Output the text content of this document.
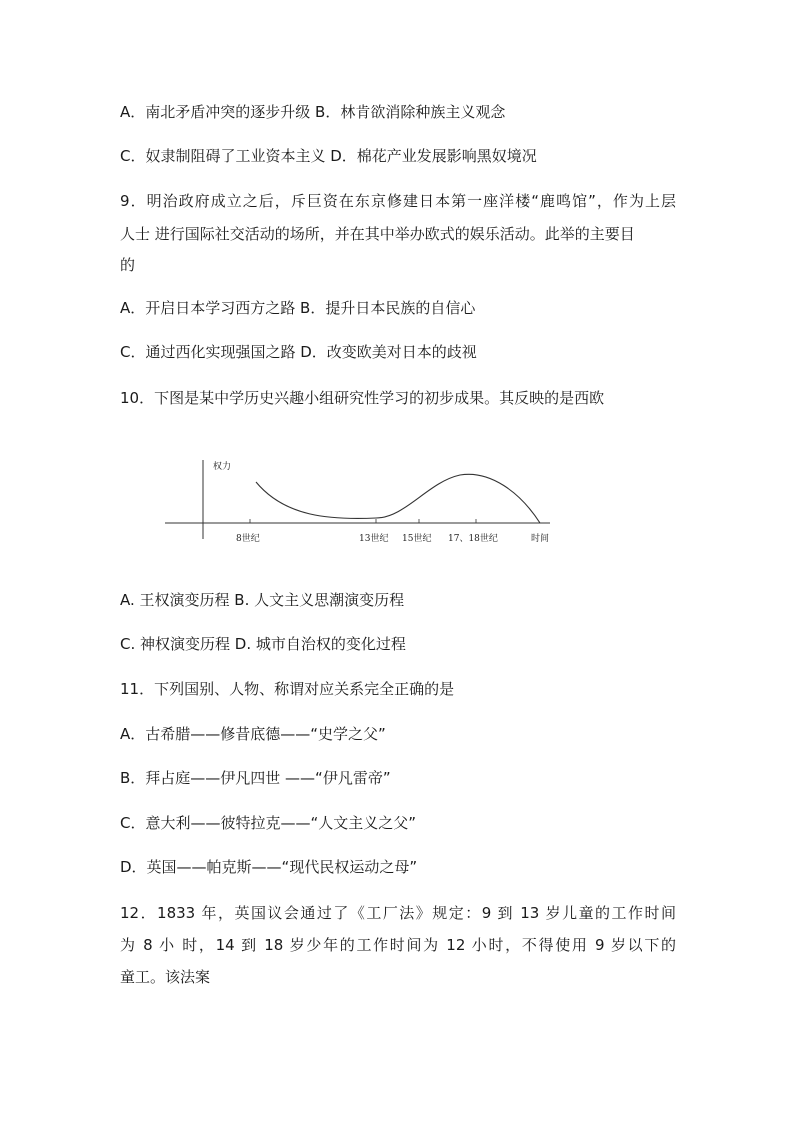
A．南北矛盾冲突的逐步升级 B．林肯欲消除种族主义观念
C．奴隶制阻碍了工业资本主义 D．棉花产业发展影响黑奴境况
9．明治政府成立之后，斥巨资在东京修建日本第一座洋楼“鹿鸣馆”，作为上层
人士 进行国际社交活动的场所，并在其中举办欧式的娱乐活动。此举的主要目
的
A．开启日本学习西方之路 B．提升日本民族的自信心
C．通过西化实现强国之路 D．改变欧美对日本的歧视
10．下图是某中学历史兴趣小组研究性学习的初步成果。其反映的是西欧
权力
8世纪	13世纪 15世纪 17、18世纪	时间
A. 王权演变历程 B. 人文主义思潮演变历程
C. 神权演变历程 D. 城市自治权的变化过程
11．下列国别、人物、称谓对应关系完全正确的是
A．古希腊——修昔底德——“史学之父”
B．拜占庭——伊凡四世 ——“伊凡雷帝”
C．意大利——彼特拉克——“人文主义之父”
D．英国——帕克斯——“现代民权运动之母”
12．1833 年，英国议会通过了《工厂法》规定：9 到 13 岁儿童的工作时间
为 8 小 时，14 到 18 岁少年的工作时间为 12 小时，不得使用 9 岁以下的
童工。该法案
